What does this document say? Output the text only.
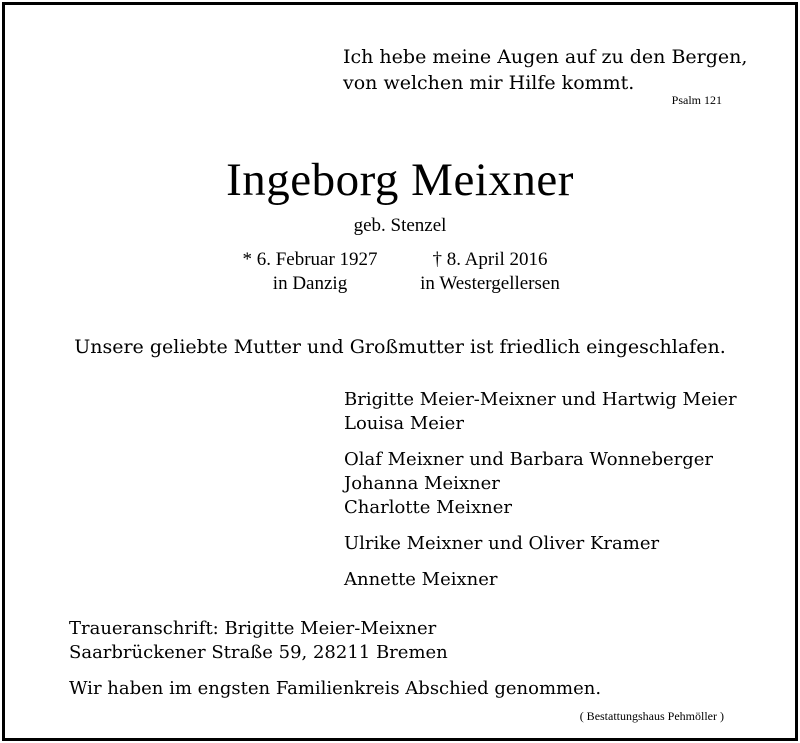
Ich hebe meine Augen auf zu den Bergen,
von welchen mir Hilfe kommt.
Psalm 121
Ingeborg Meixner
geb. Stenzel
* 6. Februar 1927
in Danzig
† 8. April 2016
in Westergellersen
Unsere geliebte Mutter und Großmutter ist friedlich eingeschlafen.
Brigitte Meier-Meixner und Hartwig Meier
Louisa Meier
Olaf Meixner und Barbara Wonneberger
Johanna Meixner
Charlotte Meixner
Ulrike Meixner und Oliver Kramer
Annette Meixner
Traueranschrift: Brigitte Meier-Meixner
Saarbrückener Straße 59, 28211 Bremen
Wir haben im engsten Familienkreis Abschied genommen.
( Bestattungshaus Pehmöller )
